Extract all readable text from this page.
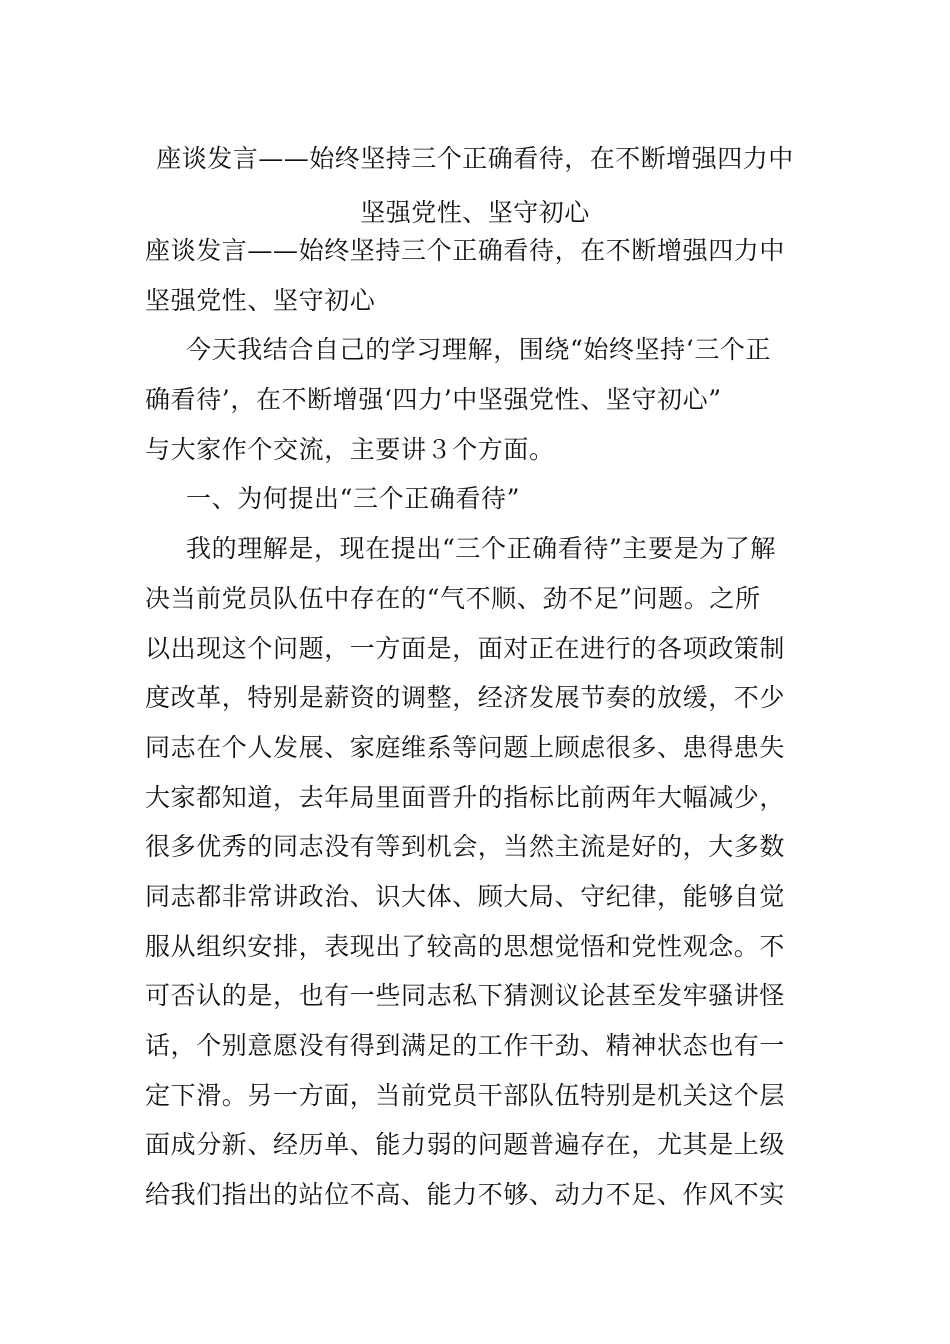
座谈发言——始终坚持三个正确看待，在不断增强四力中
坚强党性、坚守初心
座谈发言——始终坚持三个正确看待，在不断增强四力中
坚强党性、坚守初心
今天我结合自己的学习理解，围绕“始终坚持‘三个正
确看待’，在不断增强‘四力’中坚强党性、坚守初心”
与大家作个交流，主要讲３个方面。
一、为何提出“三个正确看待”
我的理解是，现在提出“三个正确看待”主要是为了解
决当前党员队伍中存在的“气不顺、劲不足”问题。之所
以出现这个问题，一方面是，面对正在进行的各项政策制
度改革，特别是薪资的调整，经济发展节奏的放缓，不少
同志在个人发展、家庭维系等问题上顾虑很多、患得患失
大家都知道，去年局里面晋升的指标比前两年大幅减少，
很多优秀的同志没有等到机会，当然主流是好的，大多数
同志都非常讲政治、识大体、顾大局、守纪律，能够自觉
服从组织安排，表现出了较高的思想觉悟和党性观念。不
可否认的是，也有一些同志私下猜测议论甚至发牢骚讲怪
话，个别意愿没有得到满足的工作干劲、精神状态也有一
定下滑。另一方面，当前党员干部队伍特别是机关这个层
面成分新、经历单、能力弱的问题普遍存在，尤其是上级
给我们指出的站位不高、能力不够、动力不足、作风不实
